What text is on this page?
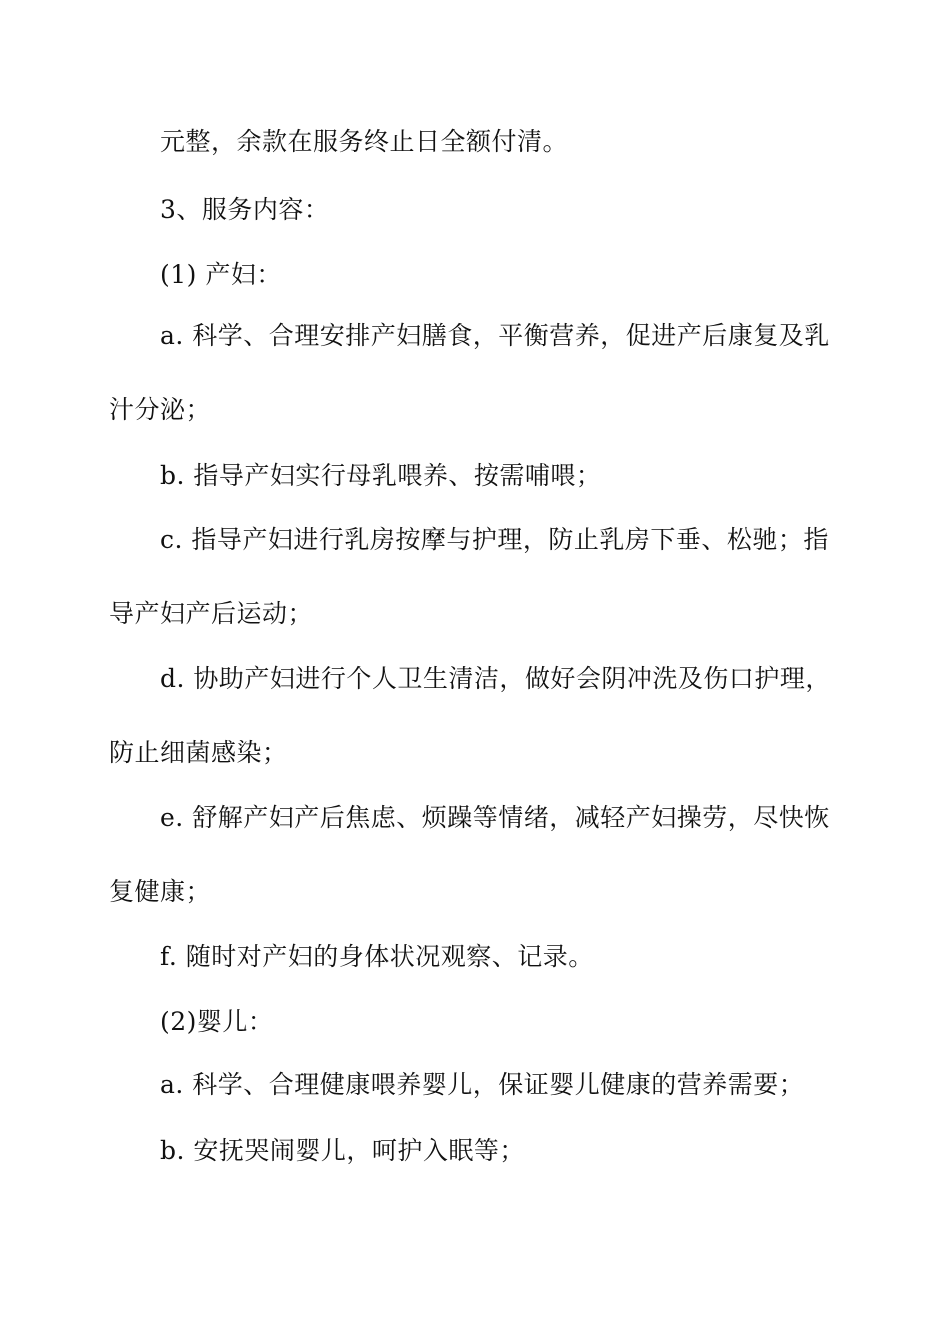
元整，余款在服务终止日全额付清。
3、服务内容：
(1) 产妇：
a. 科学、合理安排产妇膳食，平衡营养，促进产后康复及乳
汁分泌；
b. 指导产妇实行母乳喂养、按需哺喂；
c. 指导产妇进行乳房按摩与护理，防止乳房下垂、松驰；指
导产妇产后运动；
d. 协助产妇进行个人卫生清洁，做好会阴冲洗及伤口护理，
防止细菌感染；
e. 舒解产妇产后焦虑、烦躁等情绪，减轻产妇操劳，尽快恢
复健康；
f. 随时对产妇的身体状况观察、记录。
(2)婴儿：
a. 科学、合理健康喂养婴儿，保证婴儿健康的营养需要；
b. 安抚哭闹婴儿，呵护入眠等；
